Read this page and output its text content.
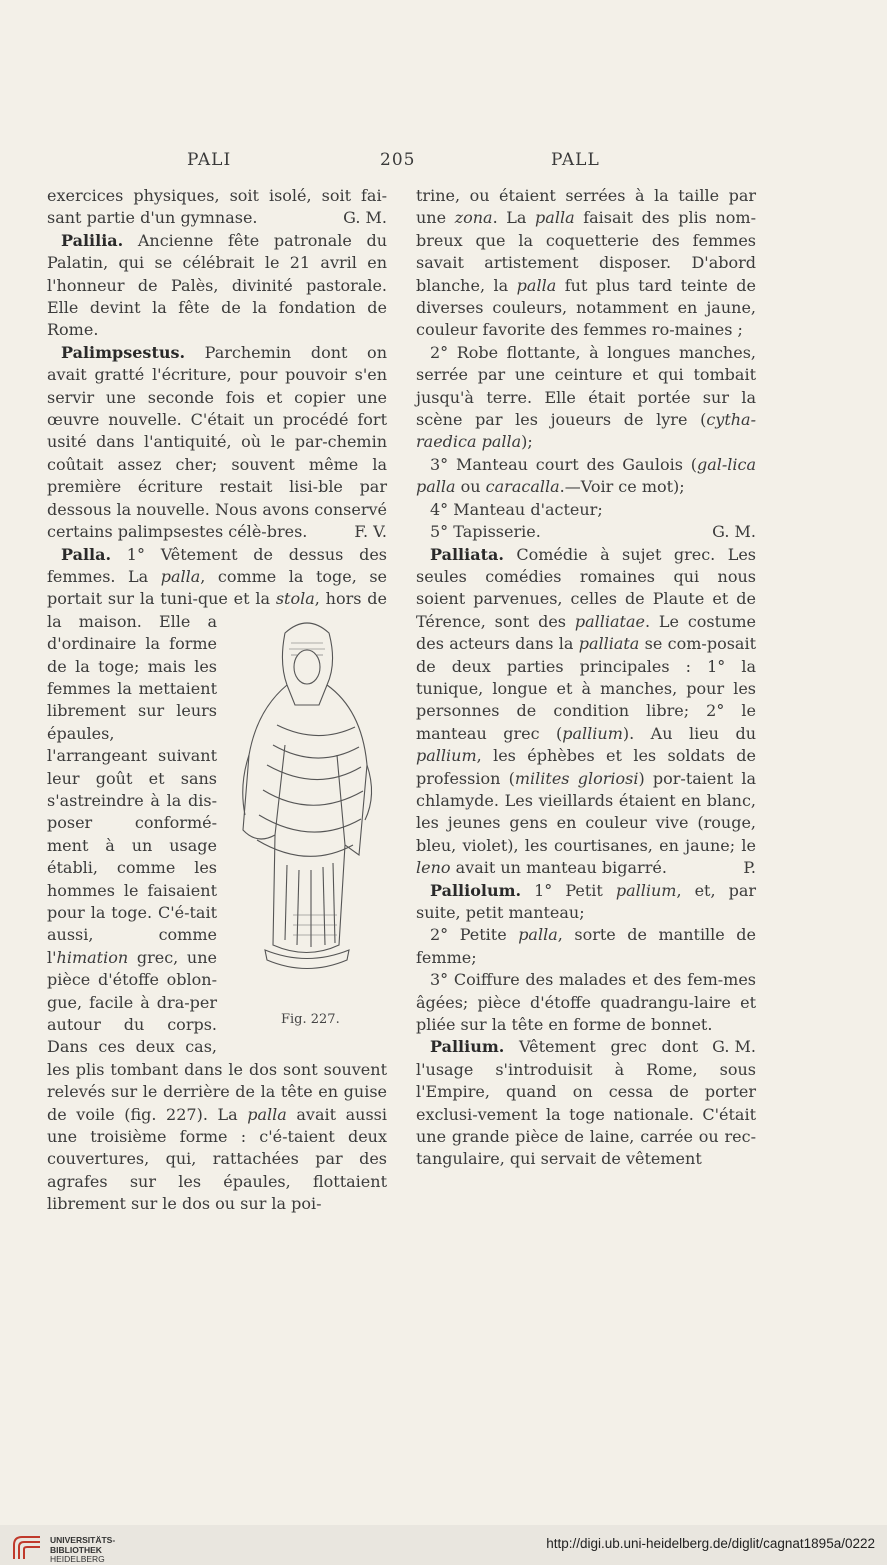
PALI	205	PALL

exercices physiques, soit isolé, soit fai-sant partie d'un gymnase.	G. M.

Palilia. Ancienne fête patronale du Palatin, qui se célébrait le 21 avril en l'honneur de Palès, divinité pastorale. Elle devint la fête de la fondation de Rome.

Palimpsestus. Parchemin dont on avait gratté l'écriture, pour pouvoir s'en servir une seconde fois et copier une œuvre nouvelle. C'était un procédé fort usité dans l'antiquité, où le par-chemin coûtait assez cher; souvent même la première écriture restait lisi-ble par dessous la nouvelle. Nous avons conservé certains palimpsestes célè-bres.	F. V.

Palla. 1° Vêtement de dessus des femmes. La palla, comme la toge, se portait sur la tuni-que et la
Fig. 227.
stola, hors de la maison. Elle a d'ordinaire la forme de la toge; mais les femmes la mettaient librement sur leurs épaules, l'arrangeant suivant leur goût et sans s'astreindre à la dis-poser conformé-ment à un usage établi, comme les hommes le faisaient pour la toge. C'é-tait aussi, comme l'himation grec, une pièce d'étoffe oblon-gue, facile à dra-per autour du corps. Dans ces deux cas, les plis tombant dans le dos sont souvent relevés sur le derrière de la tête en guise de voile (fig. 227). La palla avait aussi une troisième forme : c'é-taient deux couvertures, qui, rattachées par des agrafes sur les épaules, flottaient librement sur le dos ou sur la poi-

trine, ou étaient serrées à la taille par une zona. La palla faisait des plis nom-breux que la coquetterie des femmes savait artistement disposer. D'abord blanche, la palla fut plus tard teinte de diverses couleurs, notamment en jaune, couleur favorite des femmes ro-maines ;

2° Robe flottante, à longues manches, serrée par une ceinture et qui tombait jusqu'à terre. Elle était portée sur la scène par les joueurs de lyre (cytha-raedica palla);

3° Manteau court des Gaulois (gal-lica palla ou caracalla.—Voir ce mot);

4° Manteau d'acteur;

5° Tapisserie.	G. M.

Palliata. Comédie à sujet grec. Les seules comédies romaines qui nous soient parvenues, celles de Plaute et de Térence, sont des palliatae. Le costume des acteurs dans la palliata se com-posait de deux parties principales : 1° la tunique, longue et à manches, pour les personnes de condition libre; 2° le manteau grec (pallium). Au lieu du pallium, les éphèbes et les soldats de profession (milites gloriosi) por-taient la chlamyde. Les vieillards étaient en blanc, les jeunes gens en couleur vive (rouge, bleu, violet), les courtisanes, en jaune; le leno avait un manteau bigarré.	P.

Palliolum. 1° Petit pallium, et, par suite, petit manteau;

2° Petite palla, sorte de mantille de femme;

3° Coiffure des malades et des fem-mes âgées; pièce d'étoffe quadrangu-laire et pliée sur la tête en forme de bonnet.
G. M.

Pallium. Vêtement grec dont l'usage s'introduisit à Rome, sous l'Empire, quand on cessa de porter exclusi-vement la toge nationale. C'était une grande pièce de laine, carrée ou rec-tangulaire, qui servait de vêtement

UNIVERSITÄTS-
BIBLIOTHEK
HEIDELBERG
http://digi.ub.uni-heidelberg.de/diglit/cagnat1895a/0222
